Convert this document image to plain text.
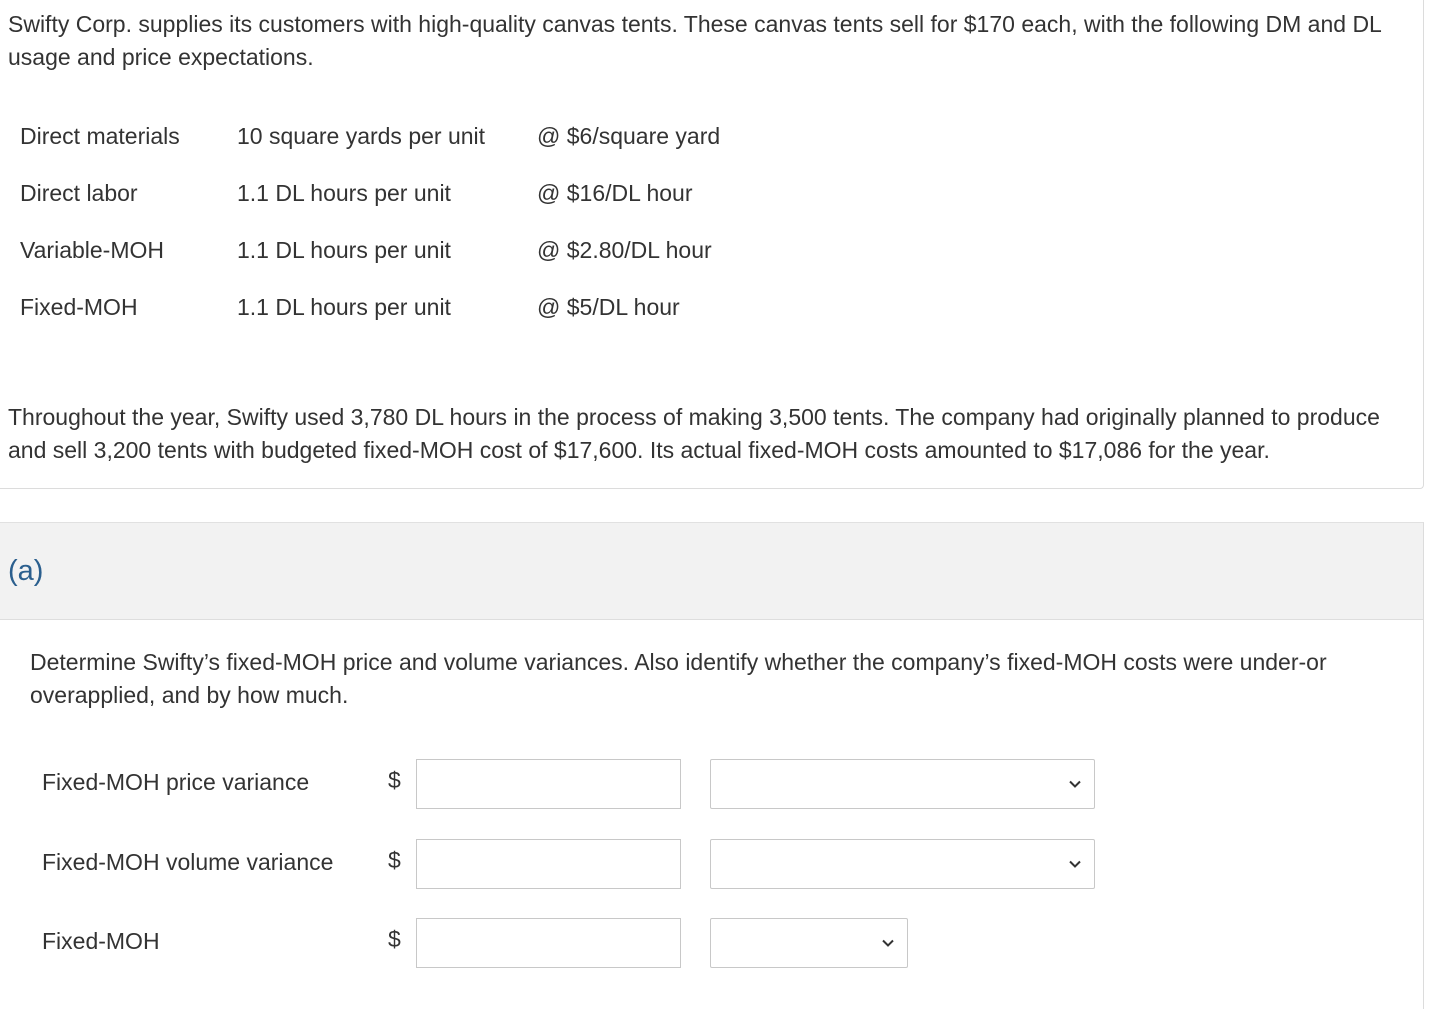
Swifty Corp. supplies its customers with high-quality canvas tents. These canvas tents sell for $170 each, with the following DM and DL usage and price expectations.

Direct materials 10 square yards per unit @ $6/square yard
Direct labor	1.1 DL hours per unit	@ $16/DL hour
Variable-MOH	1.1 DL hours per unit	@ $2.80/DL hour
Fixed-MOH	1.1 DL hours per unit	@ $5/DL hour

Throughout the year, Swifty used 3,780 DL hours in the process of making 3,500 tents. The company had originally planned to produce and sell 3,200 tents with budgeted fixed-MOH cost of $17,600. Its actual fixed-MOH costs amounted to $17,086 for the year.

(a)

Determine Swifty’s fixed-MOH price and volume variances. Also identify whether the company’s fixed-MOH costs were under-or overapplied, and by how much.

Fixed-MOH price variance	$
Fixed-MOH volume variance $
Fixed-MOH	$
